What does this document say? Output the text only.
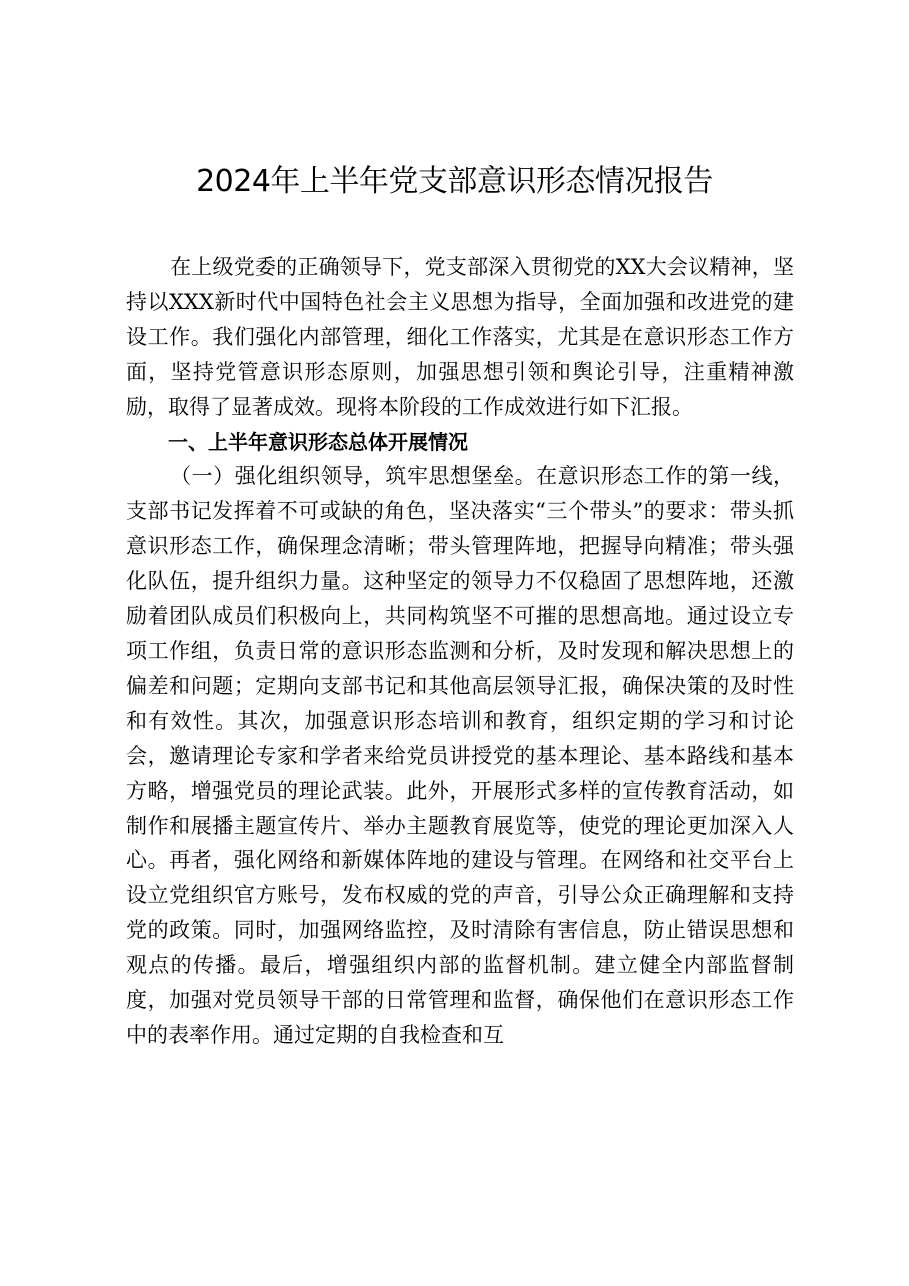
2024年上半年党支部意识形态情况报告

在上级党委的正确领导下，党支部深入贯彻党的XX大会议精神，坚持以XXX新时代中国特色社会主义思想为指导，全面加强和改进党的建设工作。我们强化内部管理，细化工作落实，尤其是在意识形态工作方面，坚持党管意识形态原则，加强思想引领和舆论引导，注重精神激励，取得了显著成效。现将本阶段的工作成效进行如下汇报。

一、上半年意识形态总体开展情况

（一）强化组织领导，筑牢思想堡垒。在意识形态工作的第一线，支部书记发挥着不可或缺的角色，坚决落实“三个带头”的要求：带头抓意识形态工作，确保理念清晰；带头管理阵地，把握导向精准；带头强化队伍，提升组织力量。这种坚定的领导力不仅稳固了思想阵地，还激励着团队成员们积极向上，共同构筑坚不可摧的思想高地。通过设立专项工作组，负责日常的意识形态监测和分析，及时发现和解决思想上的偏差和问题；定期向支部书记和其他高层领导汇报，确保决策的及时性和有效性。其次，加强意识形态培训和教育，组织定期的学习和讨论会，邀请理论专家和学者来给党员讲授党的基本理论、基本路线和基本方略，增强党员的理论武装。此外，开展形式多样的宣传教育活动，如制作和展播主题宣传片、举办主题教育展览等，使党的理论更加深入人心。再者，强化网络和新媒体阵地的建设与管理。在网络和社交平台上设立党组织官方账号，发布权威的党的声音，引导公众正确理解和支持党的政策。同时，加强网络监控，及时清除有害信息，防止错误思想和观点的传播。最后，增强组织内部的监督机制。建立健全内部监督制度，加强对党员领导干部的日常管理和监督，确保他们在意识形态工作中的表率作用。通过定期的自我检查和互
